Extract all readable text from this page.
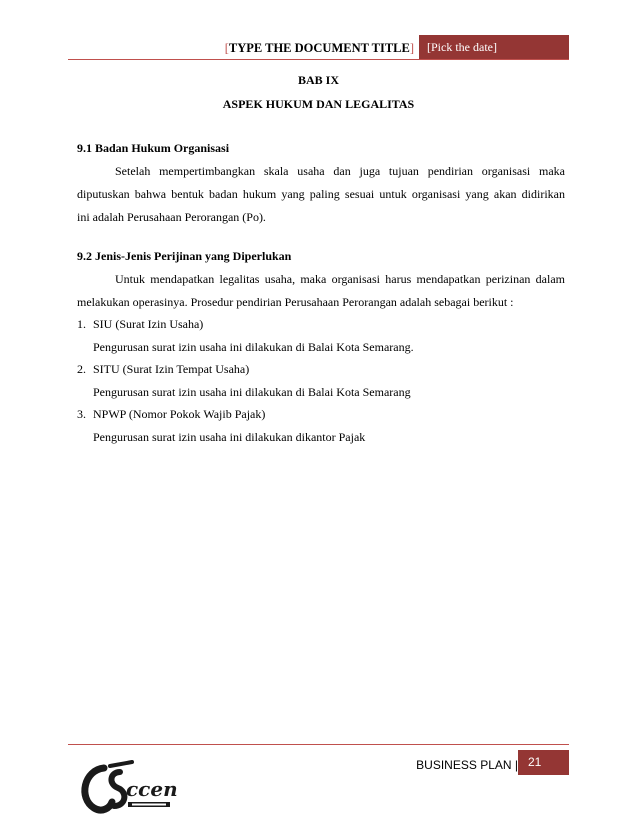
[TYPE THE DOCUMENT TITLE]	[Pick the date]
BAB IX
ASPEK HUKUM DAN LEGALITAS
9.1 Badan Hukum Organisasi
Setelah mempertimbangkan skala usaha dan juga tujuan pendirian organisasi maka
diputuskan bahwa bentuk badan hukum yang paling sesuai untuk organisasi yang akan didirikan
ini adalah Perusahaan Perorangan (Po).
9.2 Jenis-Jenis Perijinan yang Diperlukan
Untuk mendapatkan legalitas usaha, maka organisasi harus mendapatkan perizinan dalam
melakukan operasinya. Prosedur pendirian Perusahaan Perorangan adalah sebagai berikut :
1. SIU (Surat Izin Usaha)
Pengurusan surat izin usaha ini dilakukan di Balai Kota Semarang.
2. SITU (Surat Izin Tempat Usaha)
Pengurusan surat izin usaha ini dilakukan di Balai Kota Semarang
3. NPWP (Nomor Pokok Wajib Pajak)
Pengurusan surat izin usaha ini dilakukan dikantor Pajak
BUSINESS PLAN | 21
ccen
